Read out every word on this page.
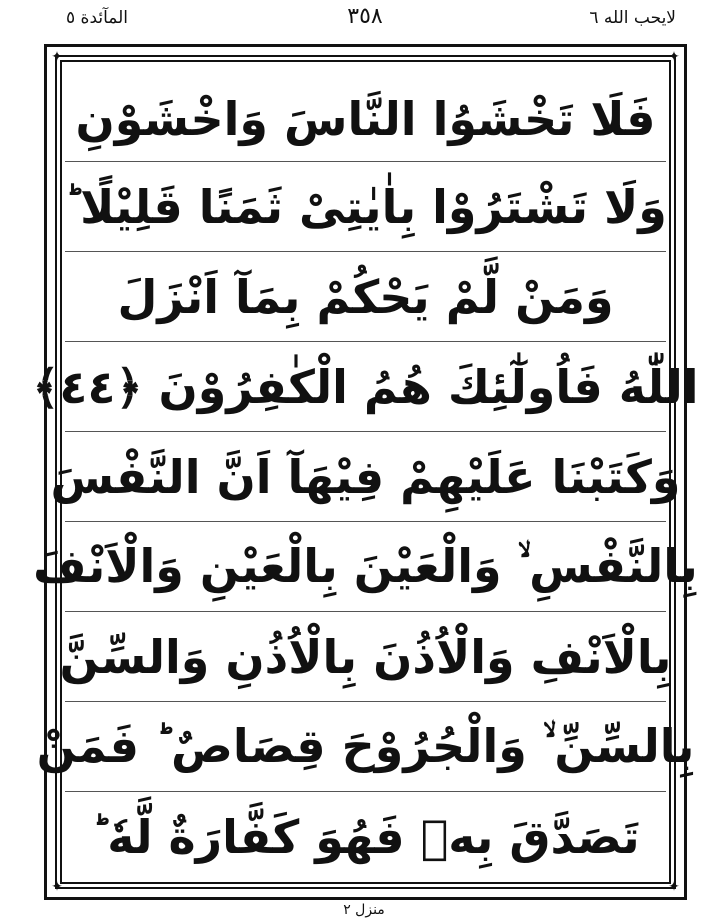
المآئدة ٥	٣٥٨	لايحب الله ٦
✦	✦
✦	✦
فَلَا تَخْشَوُا النَّاسَ وَاخْشَوْنِ
وَلَا تَشْتَرُوْا بِاٰيٰتِیْ ثَمَنًا قَلِيْلًا ؕ
وَمَنْ لَّمْ يَحْكُمْ بِمَآ اَنْزَلَ
اللّٰهُ فَاُولٰٓئِكَ هُمُ الْكٰفِرُوْنَ ﴿٤٤﴾
وَكَتَبْنَا عَلَيْهِمْ فِيْهَآ اَنَّ النَّفْسَ
بِالنَّفْسِ ۙ وَالْعَيْنَ بِالْعَيْنِ وَالْاَنْفَ
بِالْاَنْفِ وَالْاُذُنَ بِالْاُذُنِ وَالسِّنَّ
بِالسِّنِّ ۙ وَالْجُرُوْحَ قِصَاصٌ ؕ فَمَنْ
تَصَدَّقَ بِهٖ فَهُوَ كَفَّارَةٌ لَّهٗ ؕ
منزل ٢
